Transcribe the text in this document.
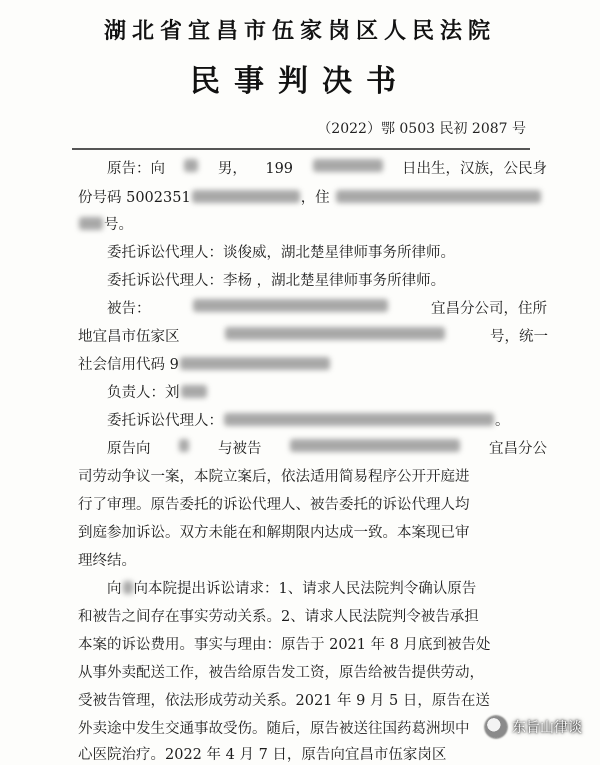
湖北省宜昌市伍家岗区人民法院
民事判决书
（2022）鄂 0503 民初 2087 号
原告：向	男， 199	日出生，汉族，公民身
份号码 5002351	，住
号。
委托诉讼代理人：谈俊威，湖北楚星律师事务所律师。
委托诉讼代理人：李杨 ，湖北楚星律师事务所律师。
被告：	宜昌分公司，住所
地宜昌市伍家区	号，统一
社会信用代码 9
负责人：刘
委托诉讼代理人：	。
原告向	与被告	宜昌分公
司劳动争议一案，本院立案后，依法适用简易程序公开开庭进
行了审理。原告委托的诉讼代理人、被告委托的诉讼代理人均
到庭参加诉讼。双方未能在和解期限内达成一致。本案现已审
理终结。
向 向本院提出诉讼请求：1、请求人民法院判令确认原告
和被告之间存在事实劳动关系。2、请求人民法院判令被告承担
本案的诉讼费用。事实与理由：原告于 2021 年 8 月底到被告处
从事外卖配送工作，被告给原告发工资，原告给被告提供劳动，
受被告管理，依法形成劳动关系。2021 年 9 月 5 日，原告在送
外卖途中发生交通事故受伤。随后，原告被送往国药葛洲坝中
心医院治疗。2022 年 4 月 7 日，原告向宜昌市伍家岗区
东旨山律谈
